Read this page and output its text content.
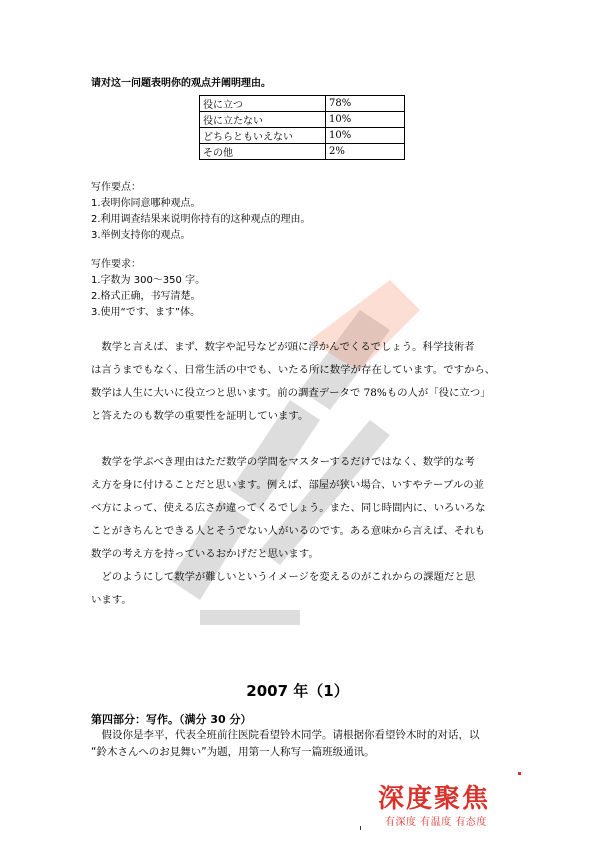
请对这一问题表明你的观点并阐明理由。
役に立つ	78%
役に立たない	10%
どちらともいえない	10%
その他	2%
写作要点：
1.表明你同意哪种观点。
2.利用调查结果来说明你持有的这种观点的理由。
3.举例支持你的观点。
写作要求：
1.字数为 300～350 字。
2.格式正确，书写清楚。
3.使用“です、ます”体。
　数学と言えば、まず、数字や記号などが頭に浮かんでくるでしょう。科学技術者
は言うまでもなく、日常生活の中でも、いたる所に数学が存在しています。ですから、
数学は人生に大いに役立つと思います。前の調査データで 78%もの人が「役に立つ」
と答えたのも数学の重要性を証明しています。
　数学を学ぶべき理由はただ数学の学問をマスターするだけではなく、数学的な考
え方を身に付けることだと思います。例えば、部屋が狭い場合、いすやテーブルの並
べ方によって、使える広さが違ってくるでしょう。また、同じ時間内に、いろいろな
ことがきちんとできる人とそうでない人がいるのです。ある意味から言えば、それも
数学の考え方を持っているおかげだと思います。
　どのようにして数学が難しいというイメージを変えるのがこれからの課題だと思
います。
2007 年（1）
第四部分：写作。（满分 30 分）
　假设你是李平，代表全班前往医院看望铃木同学。请根据你看望铃木时的对话，以
“鈴木さんへのお見舞い”为题，用第一人称写一篇班级通讯。
深度聚焦
有深度 有温度 有态度
